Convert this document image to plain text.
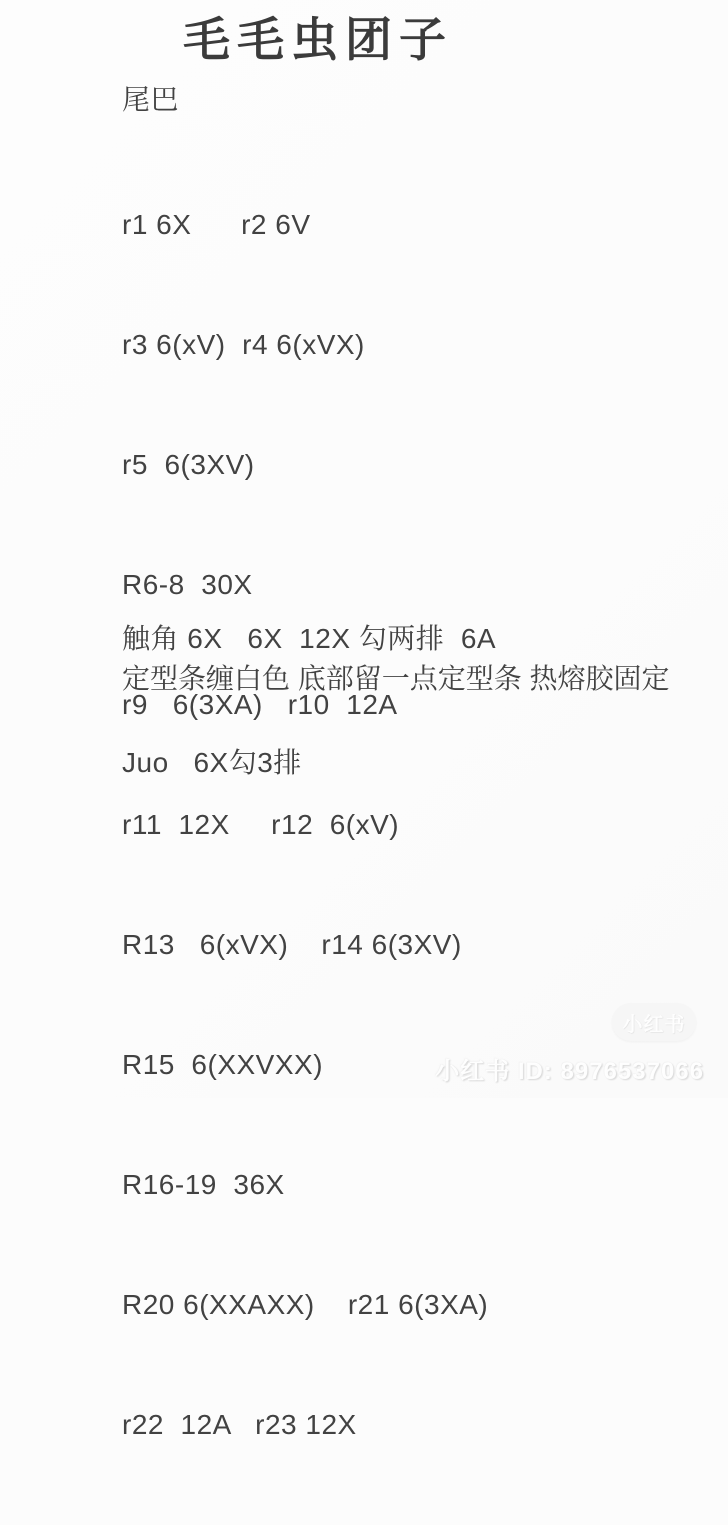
毛毛虫团子
尾巴

r1 6X      r2 6V

r3 6(xV)  r4 6(xVX)

r5  6(3XV)

R6-8  30X

r9   6(3XA)   r10  12A

r11  12X     r12  6(xV)

R13   6(xVX)    r14 6(3XV)

R15  6(XXVXX)

R16-19  36X

R20 6(XXAXX)    r21 6(3XA)

r22  12A   r23 12X

触角 6X   6X  12X 勾两排  6A
定型条缠白色 底部留一点定型条 热熔胶固定
Juo   6X勾3排
小红书
小红书 ID: 8976537066
